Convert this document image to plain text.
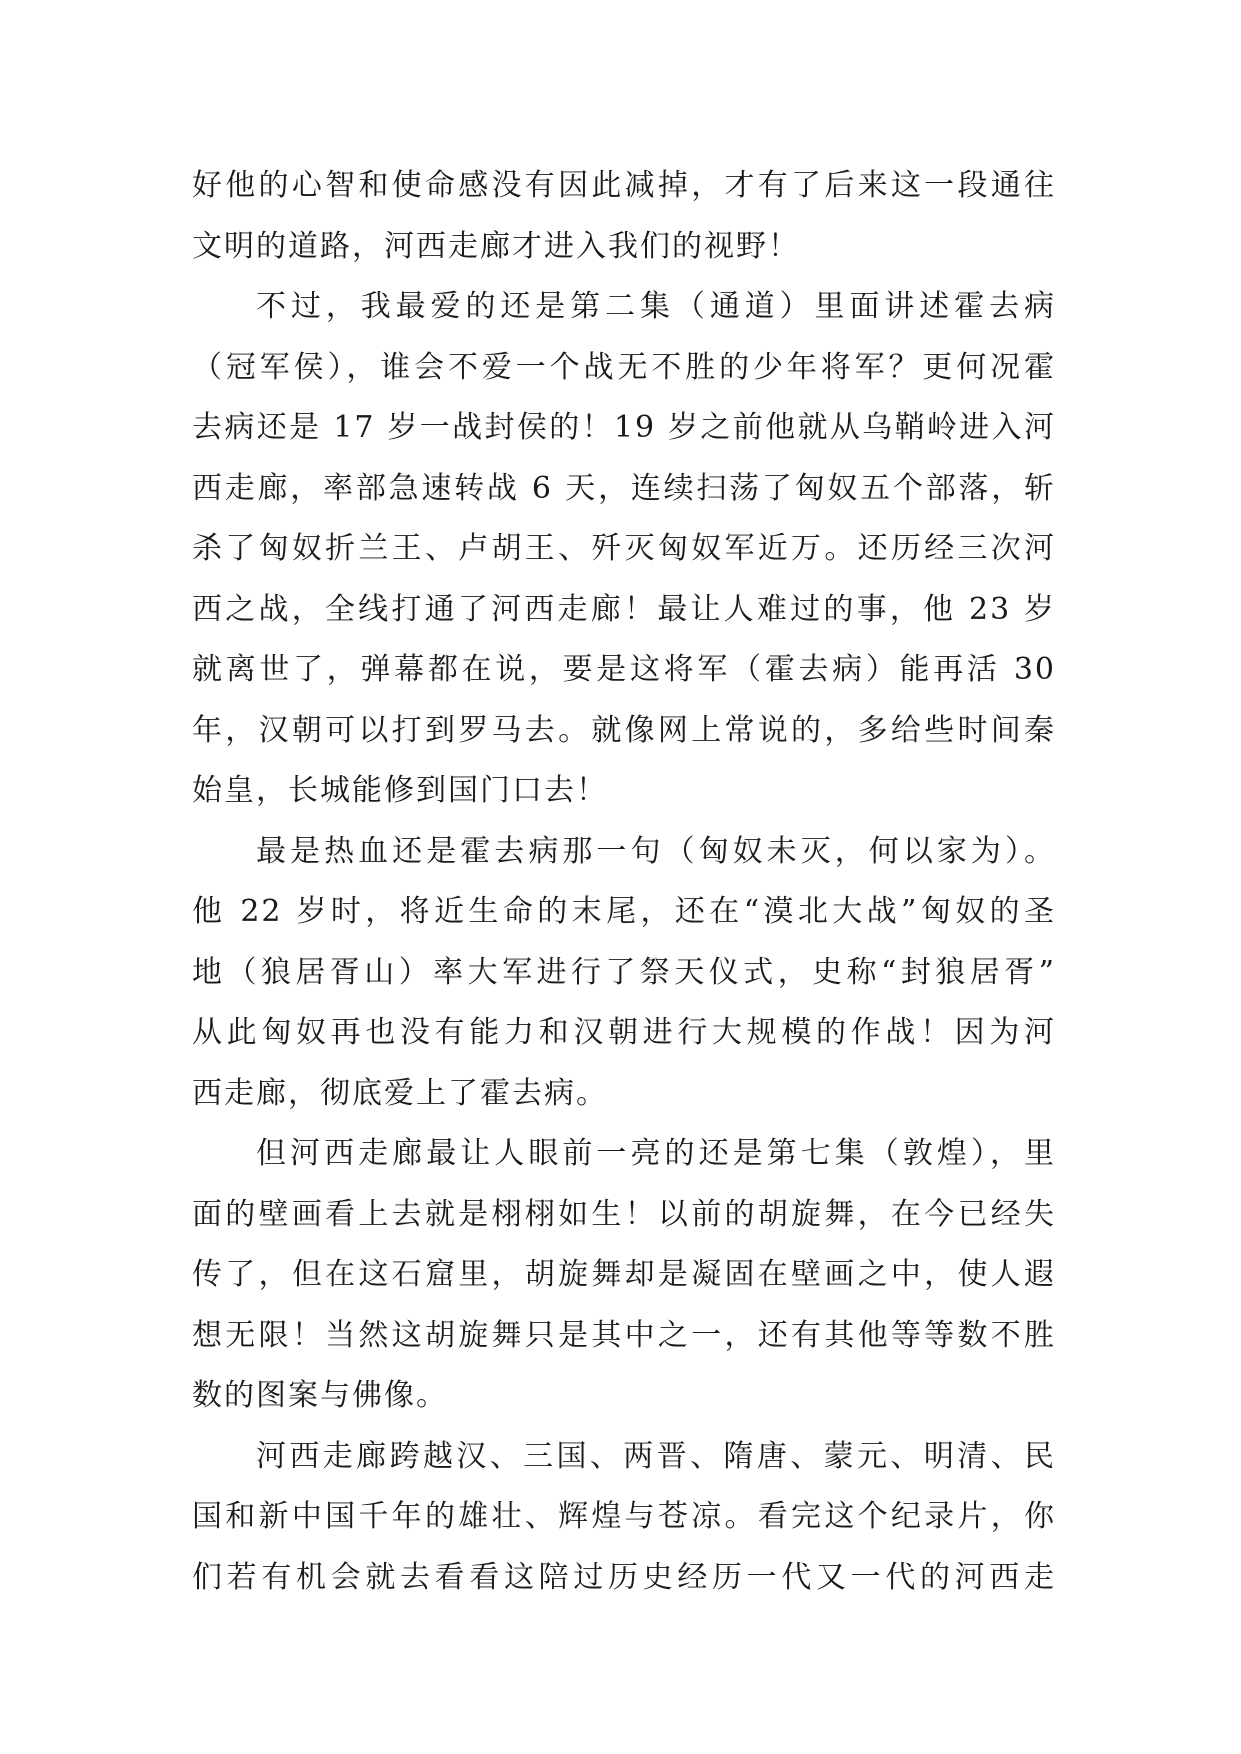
好他的心智和使命感没有因此减掉，才有了后来这一段通往
文明的道路，河西走廊才进入我们的视野！
不过，我最爱的还是第二集（通道）里面讲述霍去病
（冠军侯），谁会不爱一个战无不胜的少年将军？更何况霍
去病还是 17 岁一战封侯的！19 岁之前他就从乌鞘岭进入河
西走廊，率部急速转战 6 天，连续扫荡了匈奴五个部落，斩
杀了匈奴折兰王、卢胡王、歼灭匈奴军近万。还历经三次河
西之战，全线打通了河西走廊！最让人难过的事，他 23 岁
就离世了，弹幕都在说，要是这将军（霍去病）能再活 30
年，汉朝可以打到罗马去。就像网上常说的，多给些时间秦
始皇，长城能修到国门口去！
最是热血还是霍去病那一句（匈奴未灭，何以家为）。
他 22 岁时，将近生命的末尾，还在“漠北大战”匈奴的圣
地（狼居胥山）率大军进行了祭天仪式，史称“封狼居胥”
从此匈奴再也没有能力和汉朝进行大规模的作战！因为河
西走廊，彻底爱上了霍去病。
但河西走廊最让人眼前一亮的还是第七集（敦煌），里
面的壁画看上去就是栩栩如生！以前的胡旋舞，在今已经失
传了，但在这石窟里，胡旋舞却是凝固在壁画之中，使人遐
想无限！当然这胡旋舞只是其中之一，还有其他等等数不胜
数的图案与佛像。
河西走廊跨越汉、三国、两晋、隋唐、蒙元、明清、民
国和新中国千年的雄壮、辉煌与苍凉。看完这个纪录片，你
们若有机会就去看看这陪过历史经历一代又一代的河西走
